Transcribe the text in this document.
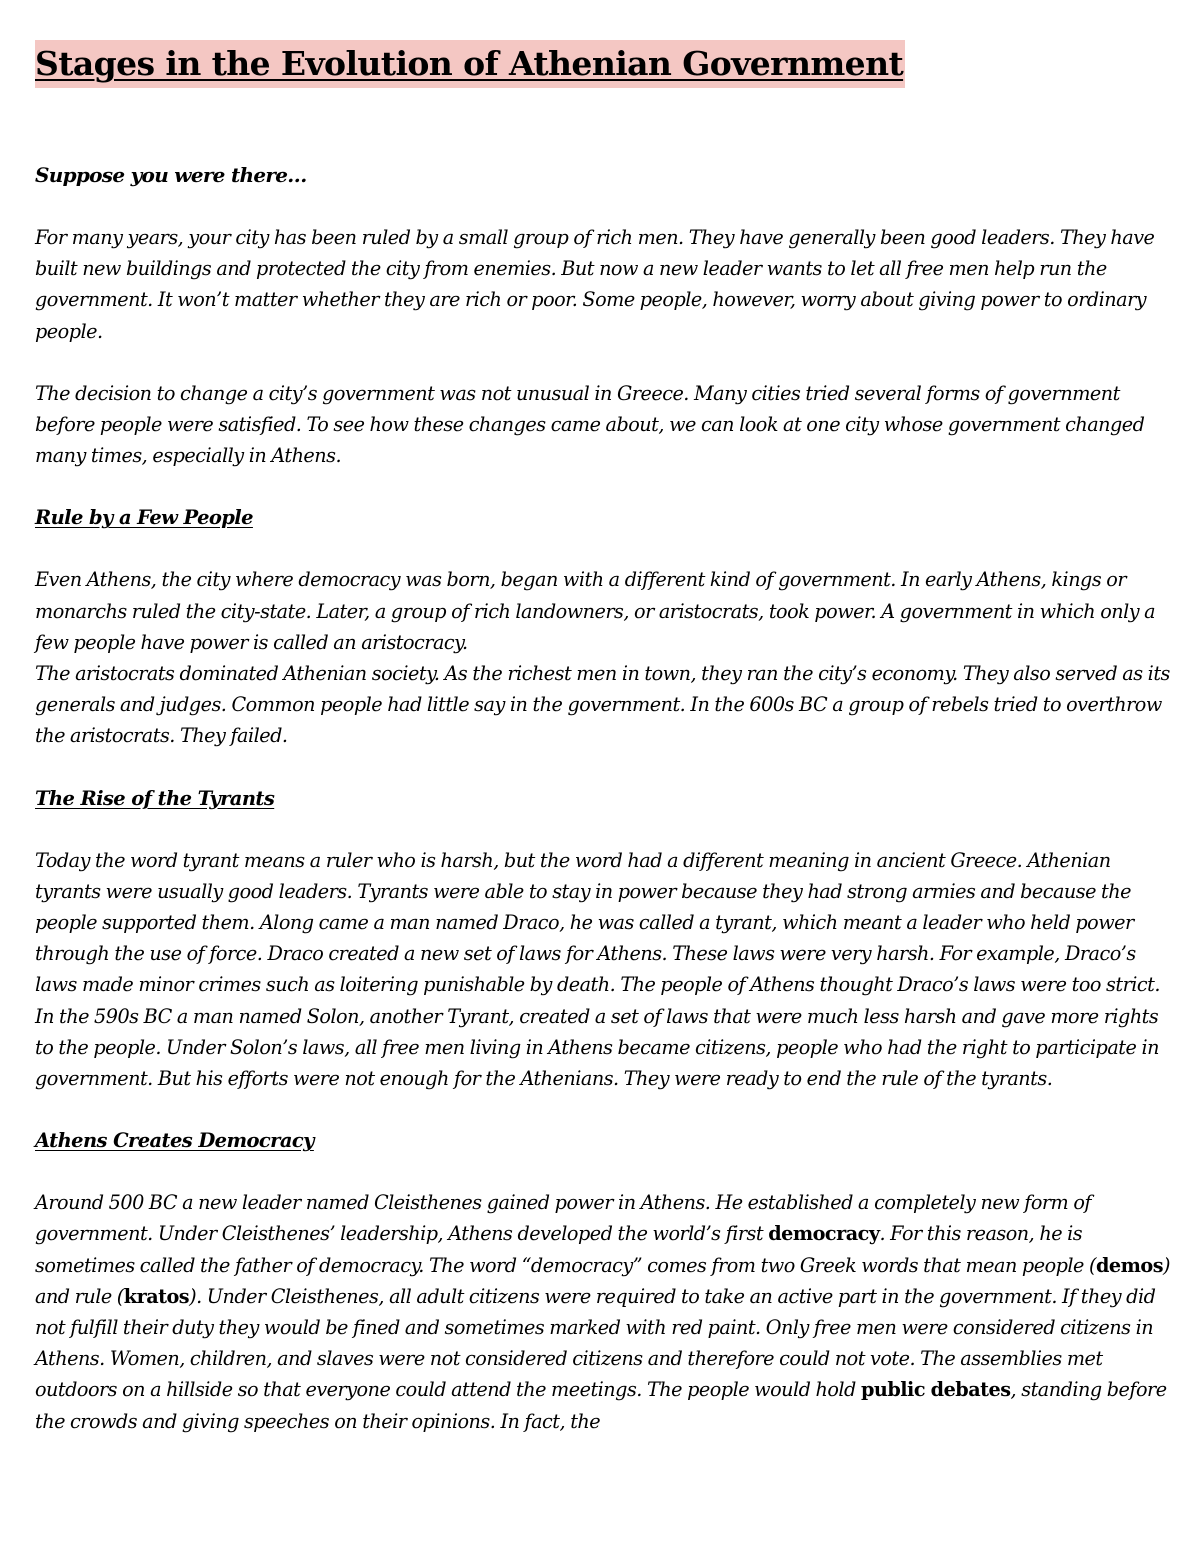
Stages in the Evolution of Athenian Government
Suppose you were there…

For many years, your city has been ruled by a small group of rich men. They have generally been good leaders. They have built new buildings and protected the city from enemies. But now a new leader wants to let all free men help run the government. It won’t matter whether they are rich or poor. Some people, however, worry about giving power to ordinary people.

The decision to change a city’s government was not unusual in Greece. Many cities tried several forms of government before people were satisfied. To see how these changes came about, we can look at one city whose government changed many times, especially in Athens.

Rule by a Few People

Even Athens, the city where democracy was born, began with a different kind of government. In early Athens, kings or monarchs ruled the city-state. Later, a group of rich landowners, or aristocrats, took power. A government in which only a few people have power is called an aristocracy.

The aristocrats dominated Athenian society. As the richest men in town, they ran the city’s economy. They also served as its generals and judges. Common people had little say in the government. In the 600s BC a group of rebels tried to overthrow the aristocrats. They failed.

The Rise of the Tyrants

Today the word tyrant means a ruler who is harsh, but the word had a different meaning in ancient Greece. Athenian tyrants were usually good leaders. Tyrants were able to stay in power because they had strong armies and because the people supported them. Along came a man named Draco, he was called a tyrant, which meant a leader who held power through the use of force. Draco created a new set of laws for Athens. These laws were very harsh. For example, Draco’s laws made minor crimes such as loitering punishable by death. The people of Athens thought Draco’s laws were too strict. In the 590s BC a man named Solon, another Tyrant, created a set of laws that were much less harsh and gave more rights to the people. Under Solon’s laws, all free men living in Athens became citizens, people who had the right to participate in government. But his efforts were not enough for the Athenians. They were ready to end the rule of the tyrants.

Athens Creates Democracy

Around 500 BC a new leader named Cleisthenes gained power in Athens. He established a completely new form of government. Under Cleisthenes’ leadership, Athens developed the world’s first democracy. For this reason, he is sometimes called the father of democracy. The word “democracy” comes from two Greek words that mean people (demos) and rule (kratos). Under Cleisthenes, all adult citizens were required to take an active part in the government. If they did not fulfill their duty they would be fined and sometimes marked with red paint. Only free men were considered citizens in Athens. Women, children, and slaves were not considered citizens and therefore could not vote. The assemblies met outdoors on a hillside so that everyone could attend the meetings. The people would hold public debates, standing before the crowds and giving speeches on their opinions. In fact, the
